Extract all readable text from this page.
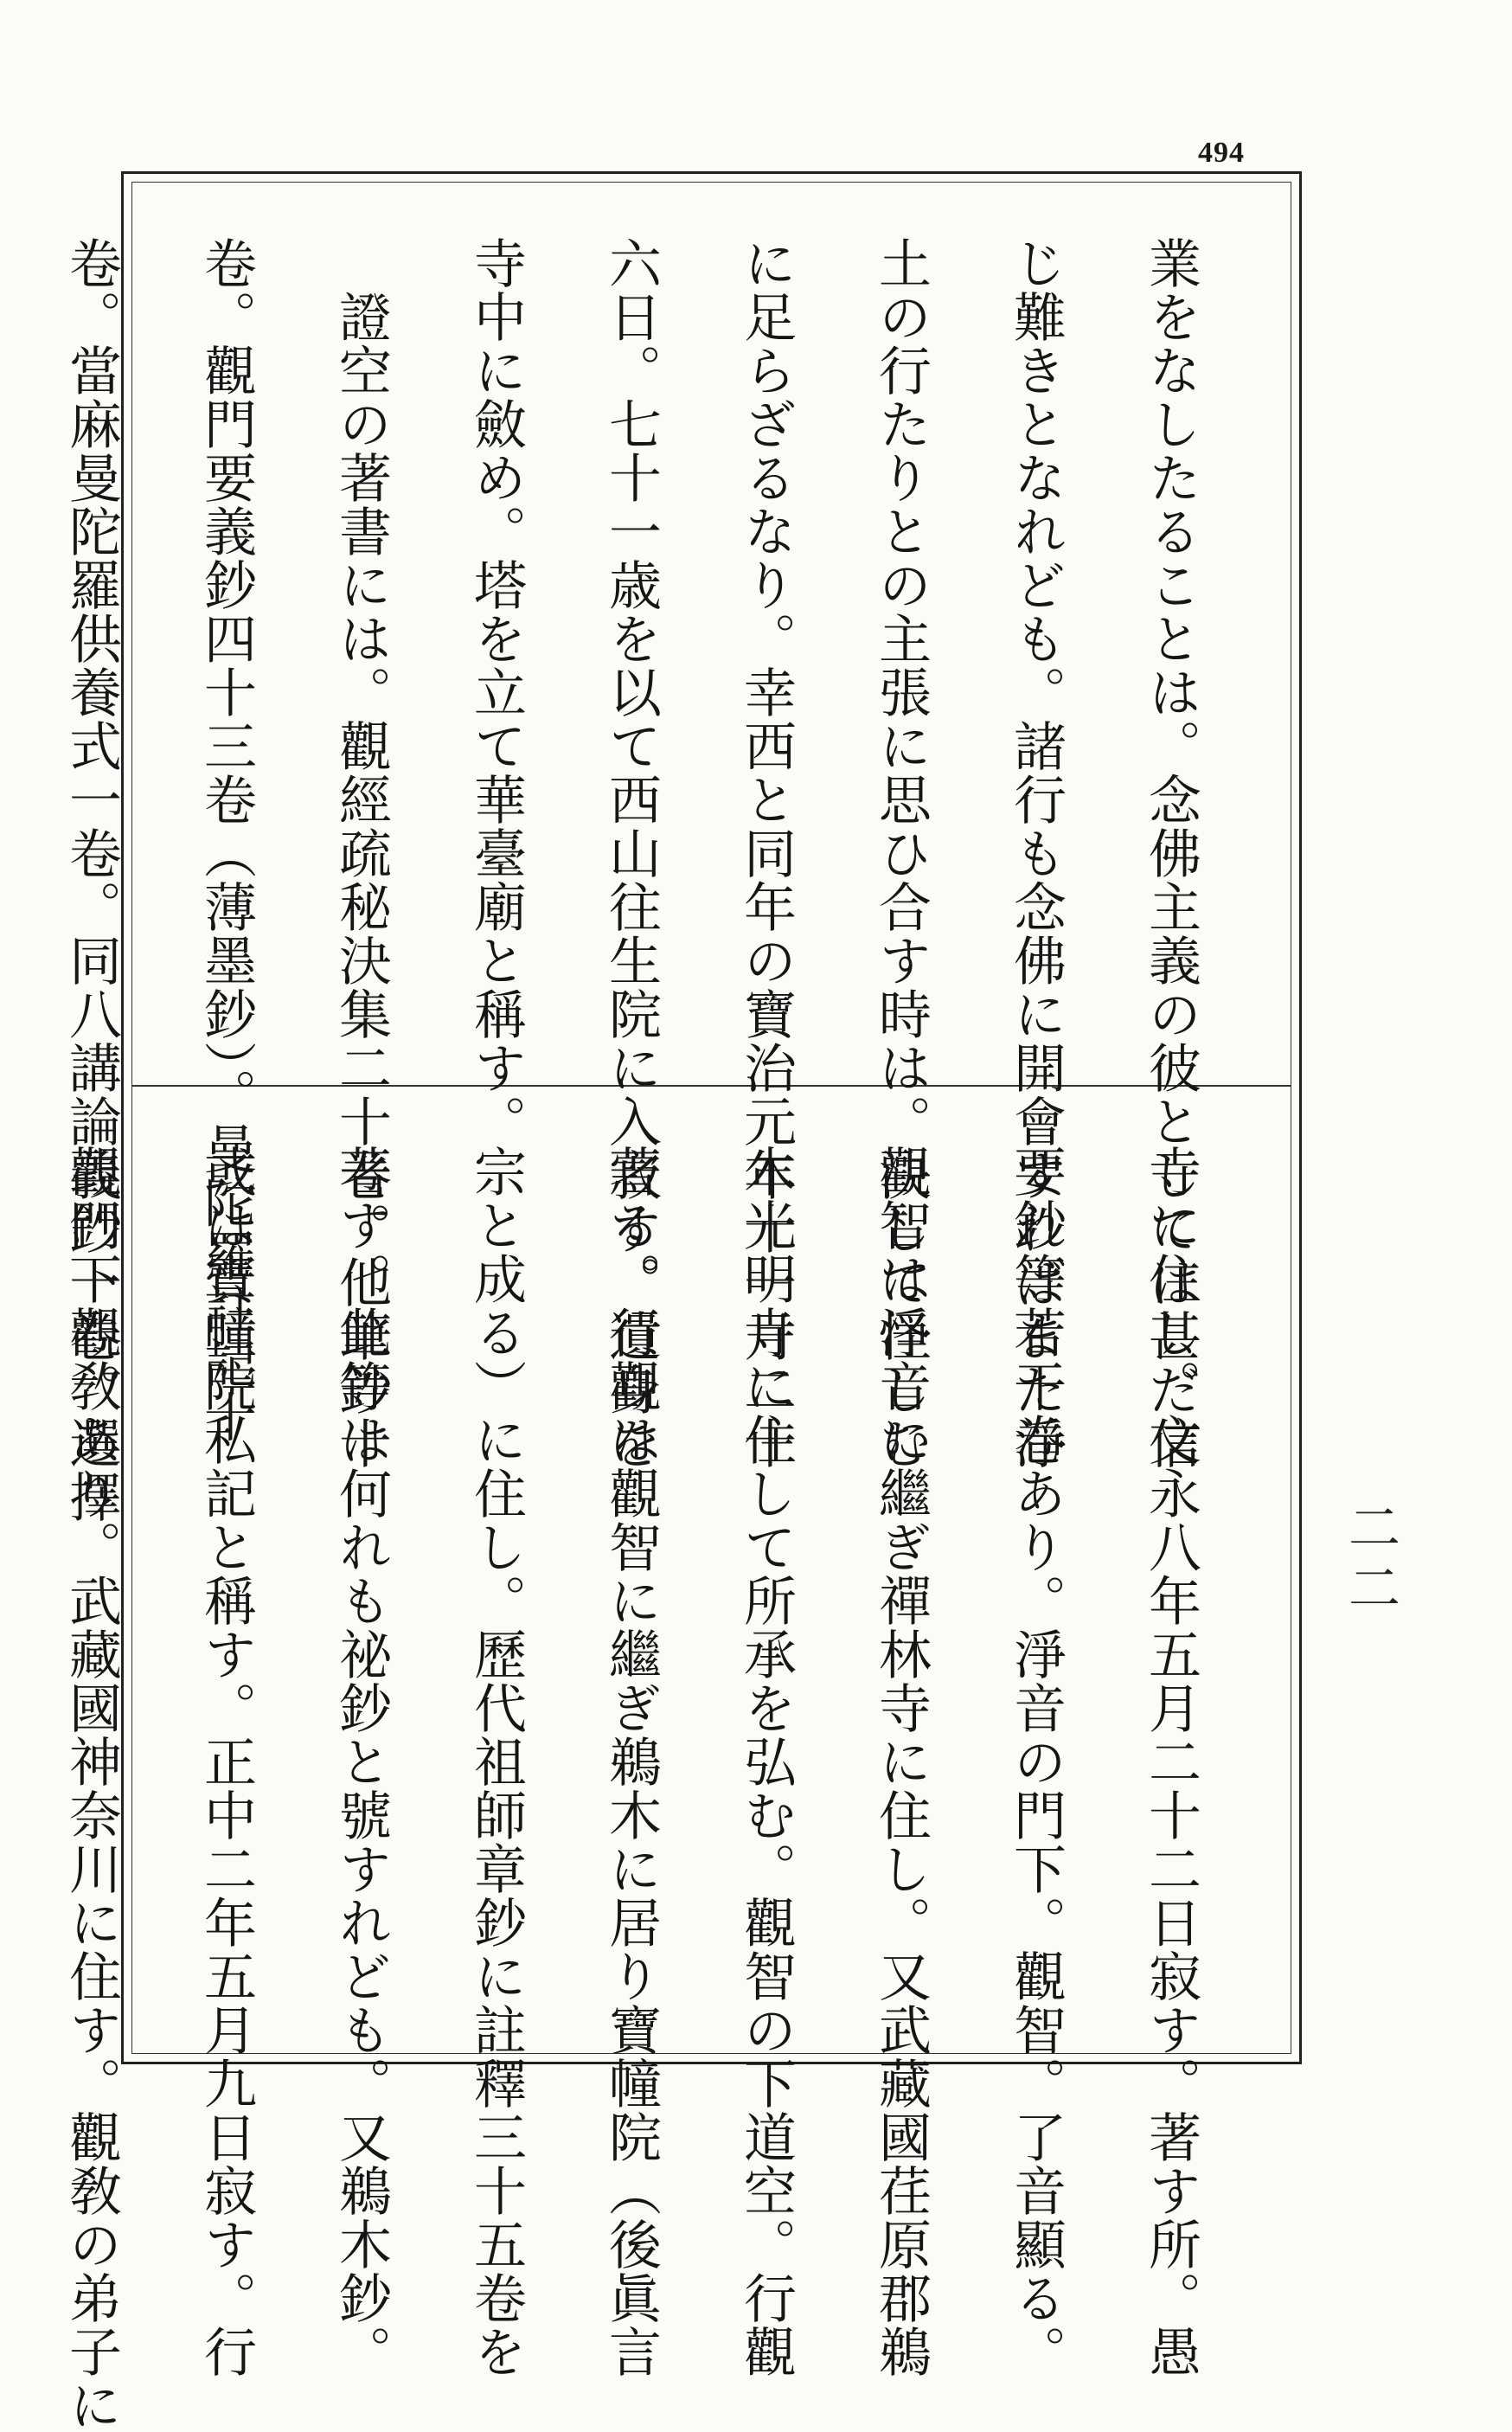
494

業をなしたることは。念佛主義の彼としては甚だ信

じ難きとなれども。諸行も念佛に開會すればまた淨

土の行たりとの主張に思ひ合す時は。決して怪しむ

に足らざるなり。幸西と同年の寶治元年十一月二十

六日。七十一歳を以て西山往生院に入寂す。遺身を

寺中に斂め。塔を立て華臺廟と稱す。

　證空の著書には。觀經疏秘決集二十卷。他筆鈔十

卷。觀門要義鈔四十三卷（薄墨鈔）。曼陀羅註記十

卷。當麻曼陀羅供養式一卷。同八講論義鈔一卷。選擇

寺に住し。文永八年五月二十二日寂す。著す所。愚

要鈔等若干卷あり。淨音の門下。觀智。了音顯る。

觀智は淨音に繼ぎ禪林寺に住し。又武藏國荏原郡鵜

木光明寺に住して所承を弘む。觀智の下道空。行觀

著る。行觀は觀智に繼ぎ鵜木に居り寶幢院（後眞言

宗と成る）に住し。歷代祖師章鈔に註釋三十五卷を

著す。此等は何れも祕鈔と號すれども。又鵜木鈔。

或は寶幢院私記と稱す。正中二年五月九日寂す。行

觀門下觀敎あり。武藏國神奈川に住す。觀敎の弟子に

	二二
